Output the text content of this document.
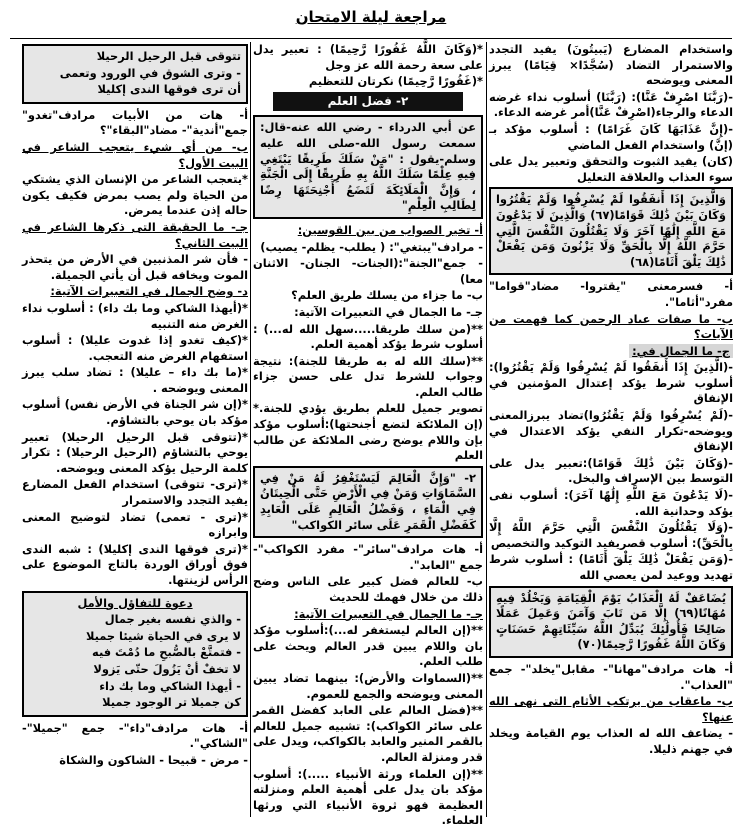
مراجعة ليلة الامتحان

واستخدام المضارع (يَبيتُونَ) يفيد التجدد والاستمرار التضاد (سُجَّدًا× قِيَامًا) يبرز المعنى ويوضحه

-(رَبَّنَا اصْرِفْ عَنَّا): (رَبَّنَا) أسلوب نداء غرضه الدعاء والرجاء(اصْرِفْ عَنَّا)أمر غرضه الدعاء.

-(إِنَّ عَذَابَهَا كَانَ غَرَامًا) : أسلوب مؤكد بـ (إنَّ) واستخدام الفعل الماضي

(كان) يفيد الثبوت والتحقق وتعبير يدل على سوء العذاب والعلاقة التعليل

وَالَّذِينَ إِذَا أَنفَقُوا لَمْ يُسْرِفُوا وَلَمْ يَقْتُرُوا وَكَانَ بَيْنَ ذَٰلِكَ قَوَامًا(٦٧) وَالَّذِينَ لَا يَدْعُونَ مَعَ اللَّهِ إِلَٰهًا آخَرَ وَلَا يَقْتُلُونَ النَّفْسَ الَّتِي حَرَّمَ اللَّهُ إِلَّا بِالْحَقِّ وَلَا يَزْنُونَ وَمَن يَفْعَلْ ذَٰلِكَ يَلْقَ أَثَامًا(٦٨)

أ- فسرمعنى "يقتروا- مضاد"قواما" مفرد"أثاما".

ب- ما صفات عباد الرحمن كما فهمت من الآيات؟

ج- ما الجمال في:

-(الَّذِينَ إِذَا أَنفَقُوا لَمْ يُسْرِفُوا وَلَمْ يَقْتُرُوا): أسلوب شرط يؤكد إعتدال المؤمنين في الإنفاق

-(لَمْ يُسْرِفُوا وَلَمْ يَقْتُرُوا)تضاد يبرزالمعنى ويوضحه-تكرار النفي يؤكد الاعتدال في الإنفاق

-(وَكَانَ بَيْنَ ذَٰلِكَ قَوَامًا):تعبير يدل على التوسط بين الإسراف والبخل.

-(لَا يَدْعُونَ مَعَ اللَّهِ إِلَٰهًا آخَرَ): أسلوب نفى يؤكد وحدانية الله.

-(وَلَا يَقْتُلُونَ النَّفْسَ الَّتِي حَرَّمَ اللَّهُ إِلَّا بِالْحَقِّ): أسلوب قصريفيد التوكيد والتخصيص

-(وَمَن يَفْعَلْ ذَٰلِكَ يَلْقَ أَثَامًا) : أسلوب شرط تهديد ووعيد لمن يعصي الله

يُضَاعَفْ لَهُ الْعَذَابُ يَوْمَ الْقِيَامَةِ وَيَخْلُدْ فِيهِ مُهَانًا(٦٩) إِلَّا مَن تَابَ وَآمَنَ وَعَمِلَ عَمَلًا صَالِحًا فَأُولَٰئِكَ يُبَدِّلُ اللَّهُ سَيِّئَاتِهِمْ حَسَنَاتٍ وَكَانَ اللَّهُ غَفُورًا رَّحِيمًا(٧٠)

أ- هات مرادف"مهانا"- مقابل"يخلد"- جمع "العذاب".

ب- ماعقاب من يرتكب الأثام التى نهى الله عنها؟

- يضاعف الله له العذاب يوم القيامة ويخلد في جهنم ذليلا.

*(وَكَانَ اللَّهُ غَفُورًا رَّحِيمًا) : تعبير يدل على سعة رحمة الله عز وجل

*(غَفُورًا رَّحِيمًا) نكرتان للتعظيم

٢- فضل العلم
عن أبي الدرداء - رضي الله عنه-قال: سمعت رسول الله-صلى الله عليه وسلم-يقول : "مَنْ سَلَكَ طَرِيقًا يَبْتَغِي فِيهِ عِلْمًا سَلَكَ اللَّهُ بِهِ طَرِيقًا إِلَى الْجَنَّةِ ، وَإِنَّ الْمَلَائِكَةَ لَتَضَعُ أَجْنِحَتَهَا رِضًا لِطَالِبِ الْعِلْمِ"

أ- تخير الصواب من بين القوسين:

- مرادف"يبتغي": ( يطلب- يظلم- يصيب)

- جمع"الجنة":(الجنات- الجنان- الاثنان معا)

ب- ما جزاء من يسلك طريق العلم؟

جـ- ما الجمال في التعبيرات الآتية:

**(من سلك طريقا.....سهل الله له...) : أسلوب شرط يؤكد أهمية العلم.

**(سلك الله له به طريقا للجنة): نتيجة وجواب للشرط تدل على حسن جزاء طالب العلم.

تصوير جميل للعلم بطريق يؤدي للجنة.*(إن الملائكة لتضع أجنحتها):أسلوب مؤكد بإن واللام يوضح رضى الملائكة عن طالب العلم

٢- "وَإِنَّ الْعَالِمَ لَيَسْتَغْفِرُ لَهُ مَنْ فِي السَّمَاوَاتِ وَمَنْ فِي الْأَرْضِ حَتَّى الْحِيتَانُ فِي الْمَاءِ ، وَفَضْلُ الْعَالِمِ عَلَى الْعَابِدِ كَفَضْلِ الْقَمَرِ عَلَى سائر الكواكب"

أ- هات مرادف"سائر"- مفرد الكواكب"- جمع "العابد".

ب- للعالم فضل كبير على الناس وضح ذلك من خلال فهمك للحديث

جـ- ما الجمال في التعبيرات الآتية:

**(إن العالم ليستغفر له...):أسلوب مؤكد بان واللام يبين قدر العالم ويحث على طلب العلم.

**(السماوات والأرض): بينهما تضاد يبين المعنى ويوضحه والجمع للعموم.

**(فضل العالم على العابد كفضل القمر على سائر الكواكب): تشبيه جميل للعالم بالقمر المنير والعابد بالكواكب، ويدل على قدر ومنزلة العالم.

**(إن العلماء ورثة الأنبياء .....): أسلوب مؤكد بان يدل على أهمية العلم ومنزلته العظيمة فهو ثروة الأنبياء التي ورثها العلماء.

تتوقى قبل الرحيل الرحيلا

- وترى الشوق في الورود وتعمى

أن ترى فوقها الندى إكليلا

أ- هات من الأبيات مرادف"تغدو" جمع"أندية"- مضاد"البقاء"؟

ب- من أي شيء يتعجب الشاعر في البيت الأول؟

*يتعجب الشاعر من الإنسان الذي يشتكي من الحياة ولم يصب بمرض فكيف يكون حاله إذن عندما يمرض.

جـ- ما الحقيقة التى ذكرها الشاعر في البيت الثاني؟

- فأن شر المذنبين في الأرض من يتحذر الموت ويخافه قبل أن يأتي الجميلة.

د- وضح الجمال في التعبيرات الآتية:

*(أيهذا الشاكي وما بك داء) : أسلوب نداء الغرض منه التنبيه

*(كيف تغدو إذا غدوت عليلا) : أسلوب استفهام الغرض منه التعجب.

*(ما بك داء – عليلا) : تضاد سلب يبرز المعنى ويوضحه .

*(إن شر الجناة في الأرض نفس) أسلوب مؤكد بان يوحي بالتشاؤم.

*(تتوقى قبل الرحيل الرحيلا) تعبير يوحي بالتشاؤم (الرحيل الرحيلا) : تكرار كلمة الرحيل يؤكد المعنى ويوضحه.

*(ترى- تتوقى) استخدام الفعل المضارع يفيد التجدد والاستمرار

*(ترى - تعمى) تضاد لتوضيح المعنى وابرازه

*(ترى فوقها الندى إكليلا) : شبه الندى فوق أوراق الوردة بالتاج الموضوع على الرأس لزينتها.

دعوة للتفاؤل والأمل

- والذي نفسه بغير جمال

لا يرى في الحياة شيئا جميلا

- فتمتَّعْ بالصُّبحِ ما دُمْتَ فيه

لا تخفْ أنْ يَزُولَ حتّى يَزولا

- أيهذا الشاكي وما بك داء

كن جميلا تر الوجود جميلا

أ- هات مرادف"داء"- جمع "جميلا"- "الشاكي".

- مرض - قبيحا - الشاكون والشكاة
